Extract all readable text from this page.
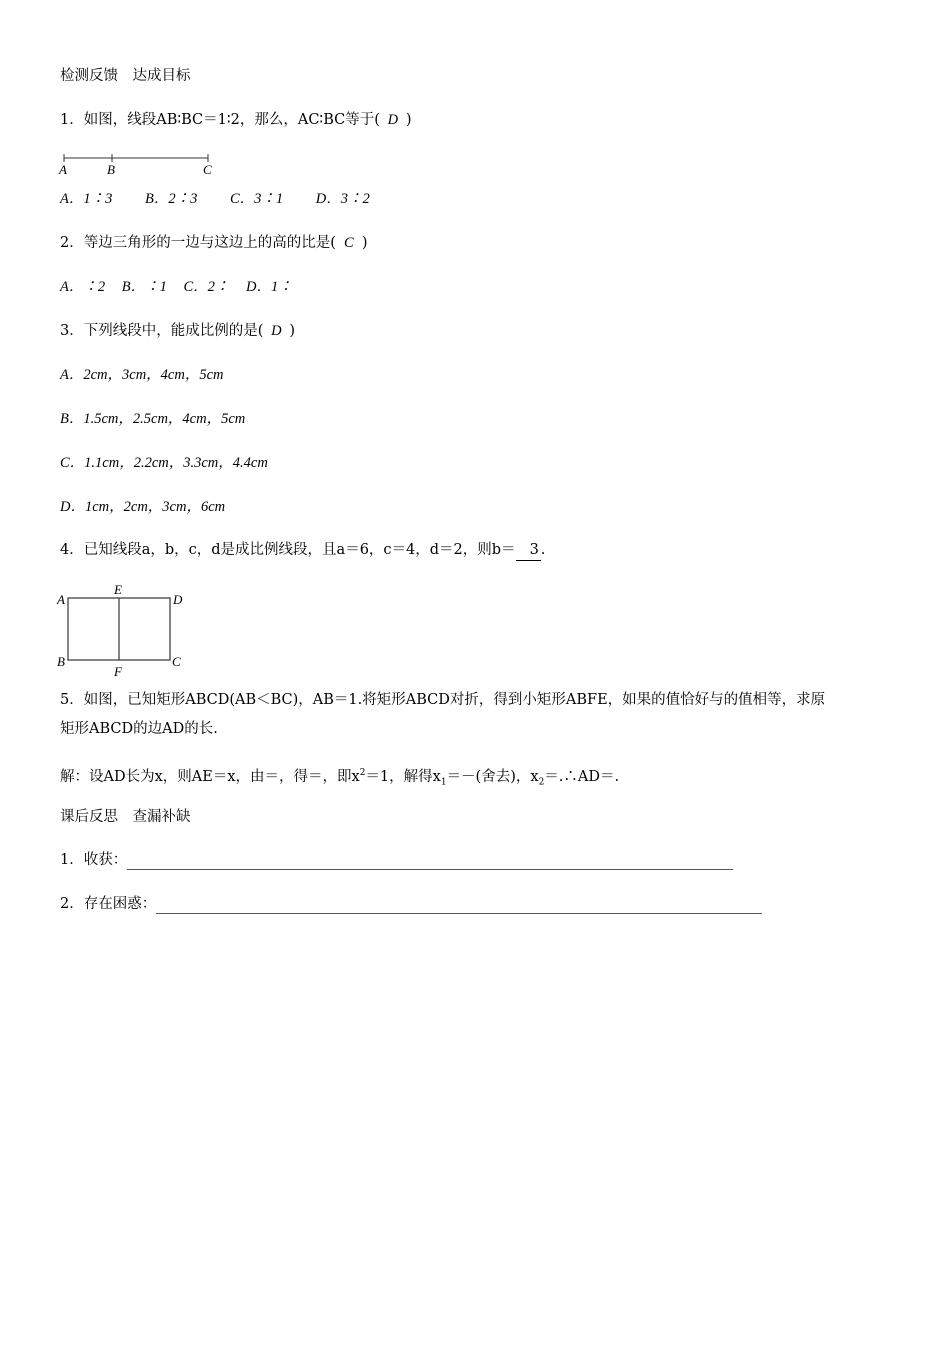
检测反馈　达成目标
1．如图，线段AB∶BC＝1∶2，那么，AC∶BC等于( D )
A	B	C
A．1∶3 B．2∶3 C．3∶1 D．3∶2
2．等边三角形的一边与这边上的高的比是( C )
A．∶2 B．∶1 C．2∶ D．1∶
3．下列线段中，能成比例的是( D )
A．2cm，3cm，4cm，5cm
B．1.5cm，2.5cm，4cm，5cm
C．1.1cm，2.2cm，3.3cm，4.4cm
D．1cm，2cm，3cm，6cm
4．已知线段a，b，c，d是成比例线段，且a＝6，c＝4，d＝2，则b＝ 3 .
A
E
D
B
F
C
5．如图，已知矩形ABCD(AB＜BC)，AB＝1.将矩形ABCD对折，得到小矩形ABFE，如果的值恰好与的值相等，求原
矩形ABCD的边AD的长.
解：设AD长为x，则AE＝x，由＝，得＝，即$x^2=1$，解得$x_1=-$(舍去)，$x_2=.\therefore AD=$.
课后反思　查漏补缺
1．收获：
2．存在困惑：
